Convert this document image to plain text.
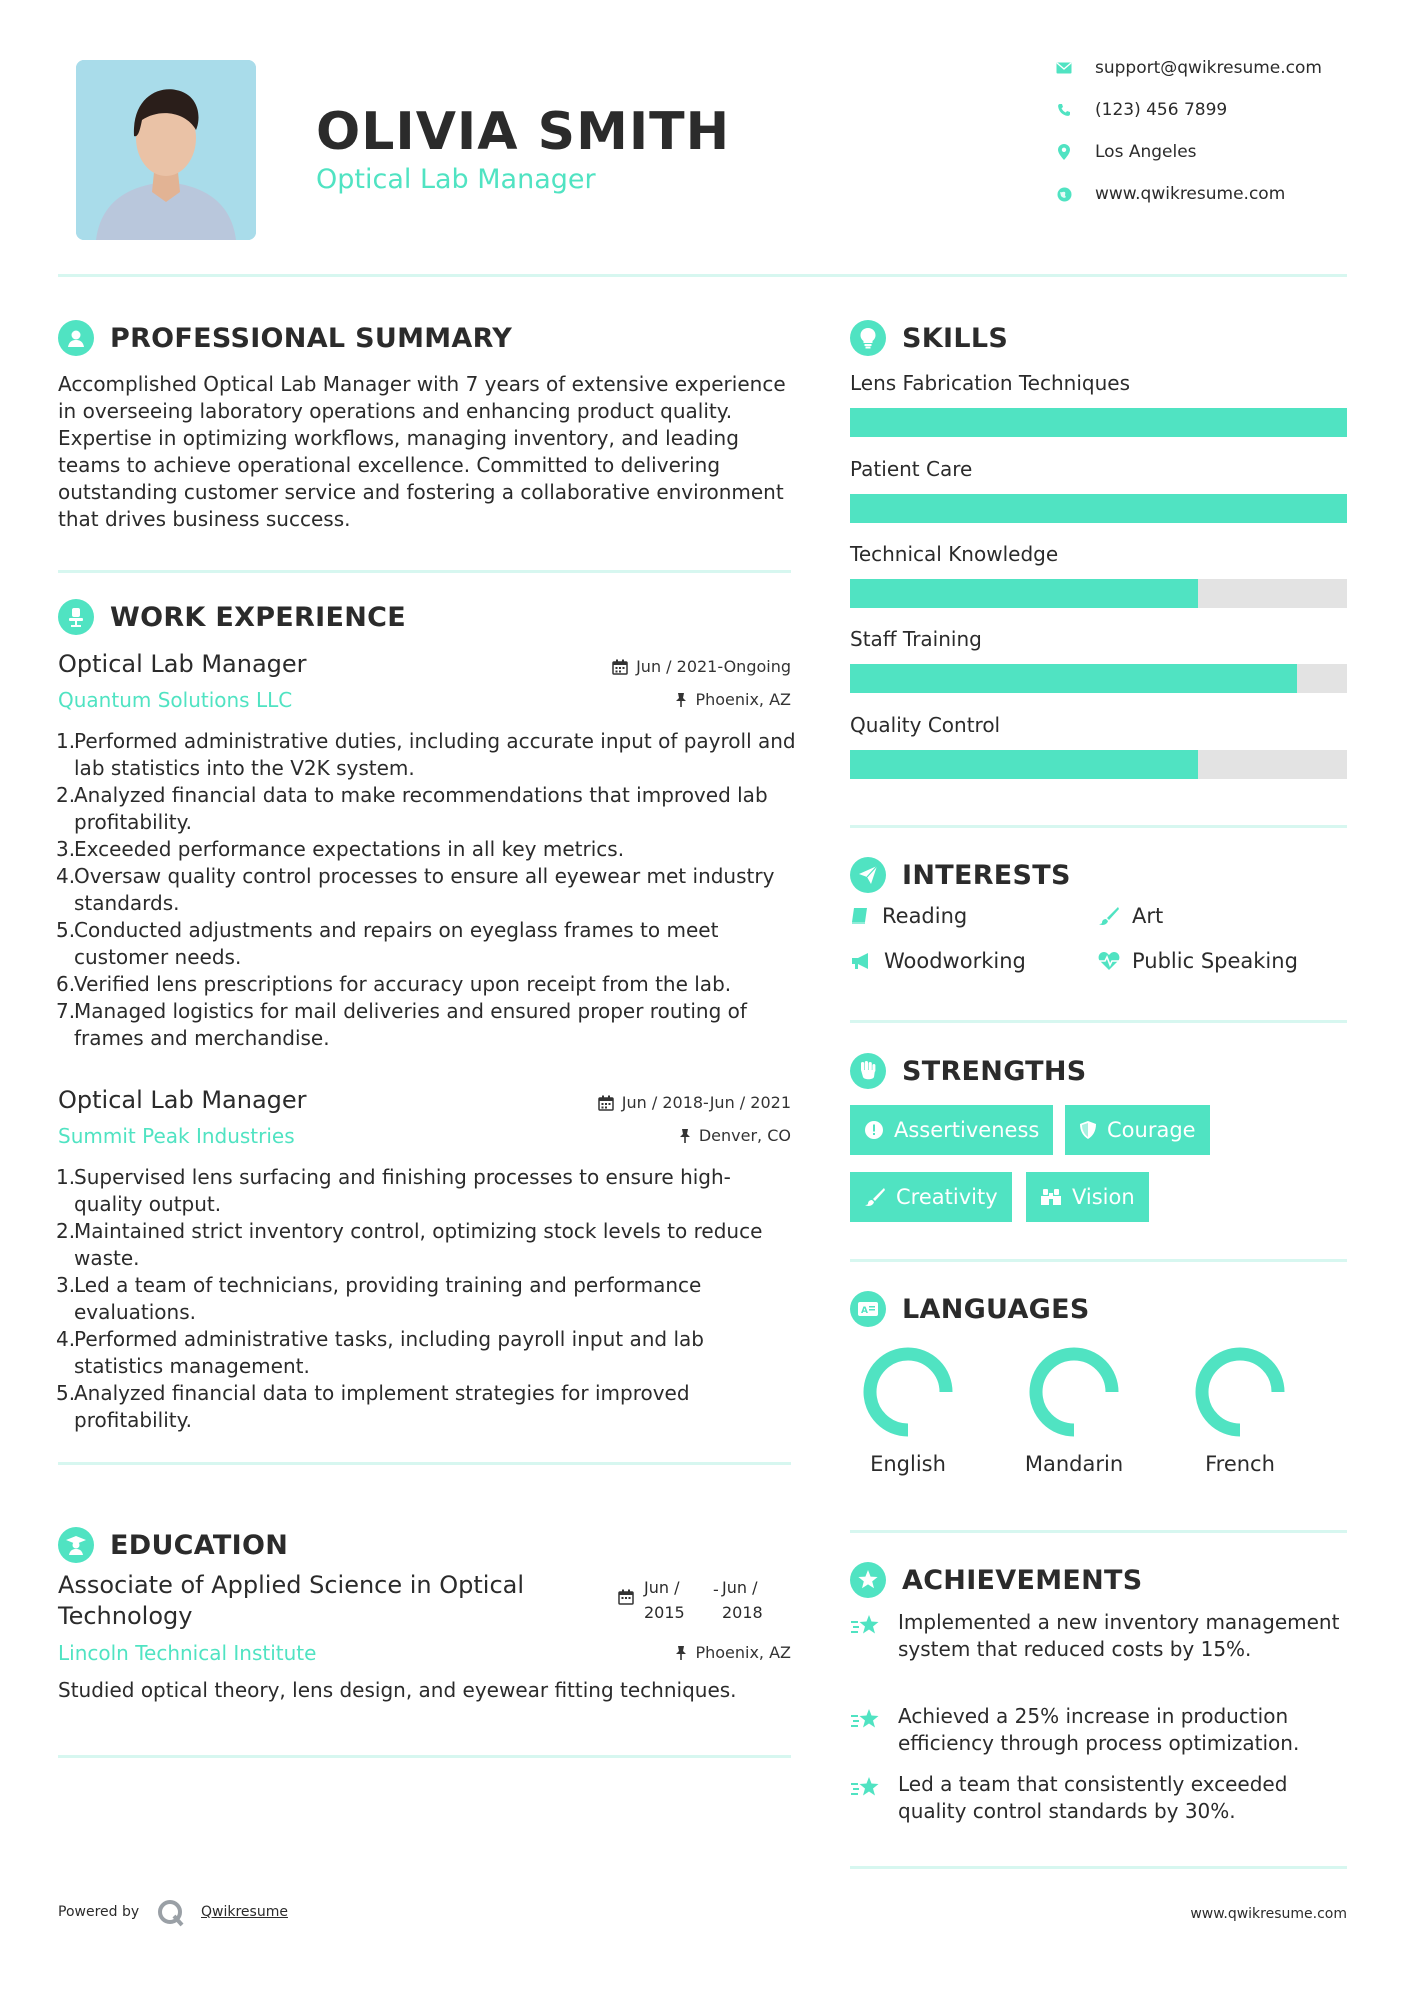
OLIVIA SMITH
Optical Lab Manager
support@qwikresume.com
(123) 456 7899
Los Angeles
www.qwikresume.com
PROFESSIONAL SUMMARY
Accomplished Optical Lab Manager with 7 years of extensive experience in overseeing laboratory operations and enhancing product quality. Expertise in optimizing workflows, managing inventory, and leading teams to achieve operational excellence. Committed to delivering outstanding customer service and fostering a collaborative environment that drives business success.
WORK EXPERIENCE
Optical Lab Manager	Jun / 2021-Ongoing
Quantum Solutions LLC	Phoenix, AZ
1.
Performed administrative duties, including accurate input of payroll and lab statistics into the V2K system.
2.
Analyzed financial data to make recommendations that improved lab profitability.
3.
Exceeded performance expectations in all key metrics.
4.
Oversaw quality control processes to ensure all eyewear met industry standards.
5.
Conducted adjustments and repairs on eyeglass frames to meet customer needs.
6.
Verified lens prescriptions for accuracy upon receipt from the lab.
7.
Managed logistics for mail deliveries and ensured proper routing of frames and merchandise.
Optical Lab Manager	Jun / 2018-Jun / 2021
Summit Peak Industries	Denver, CO
1.
Supervised lens surfacing and finishing processes to ensure high-quality output.
2.
Maintained strict inventory control, optimizing stock levels to reduce waste.
3.
Led a team of technicians, providing training and performance evaluations.
4.
Performed administrative tasks, including payroll input and lab statistics management.
5.
Analyzed financial data to implement strategies for improved profitability.
EDUCATION
Associate of Applied Science in Optical Technology
Jun /
2015
- Jun /
2018
Lincoln Technical Institute	Phoenix, AZ
Studied optical theory, lens design, and eyewear fitting techniques.
SKILLS
Lens Fabrication Techniques
Patient Care
Technical Knowledge
Staff Training
Quality Control
INTERESTS
Reading	Art
Woodworking	Public Speaking
STRENGTHS
Assertiveness	Courage
Creativity	Vision
A LANGUAGES
English	Mandarin	French
ACHIEVEMENTS
Implemented a new inventory management system that reduced costs by 15%.
Achieved a 25% increase in production efficiency through process optimization.
Led a team that consistently exceeded quality control standards by 30%.
Powered by	Qwikresume	www.qwikresume.com
